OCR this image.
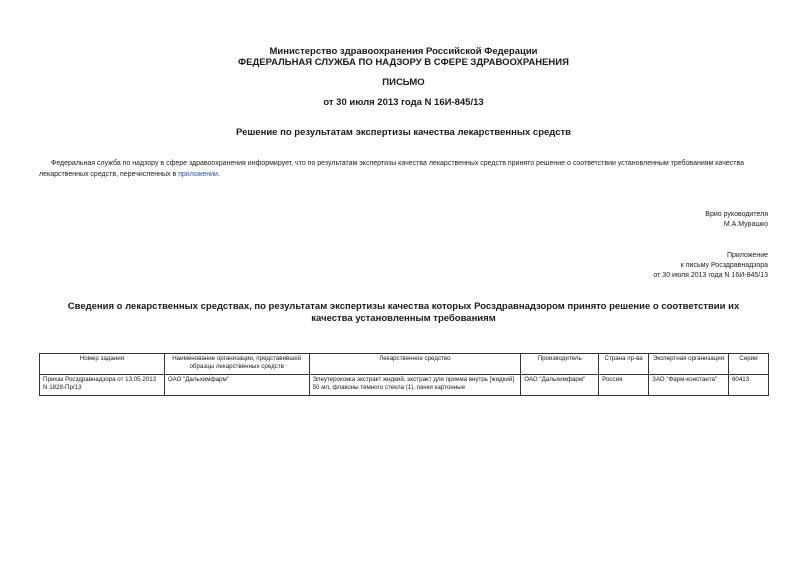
Министерство здравоохранения Российской Федерации
ФЕДЕРАЛЬНАЯ СЛУЖБА ПО НАДЗОРУ В СФЕРЕ ЗДРАВООХРАНЕНИЯ
ПИСЬМО
от 30 июля 2013 года N 16И-845/13
Решение по результатам экспертизы качества лекарственных средств

Федеральная служба по надзору в сфере здравоохранения информирует, что по результатам экспертизы качества лекарственных средств принято решение о соответствии установленным требованиям качества лекарственных средств, перечисленных в приложении.

Врио руководителя
М.А.Мурашко
Приложение
к письму Росздравнадзора
от 30 июля 2013 года N 16И-845/13
Сведения о лекарственных средствах, по результатам экспертизы качества которых Росздравнадзором принято решение о соответствии их качества установленным требованиям
Номер задания	Наименование организации, представившей образцы лекарственных средств	Лекарственное средство	Производитель	Страна пр-ва	Экспертная организация	Серии
Приказ Росздравнадзора от 13.05.2013 N 1828-Пр/13	ОАО "Дальхимфарм"	Элеутерококка экстракт жидкий, экстракт для приема внутрь [жидкий] 50 мл, флаконы темного стекла (1), пачки картонные	ОАО "Дальхимфарм"	Россия	ЗАО "Фарм-константа"	60413
